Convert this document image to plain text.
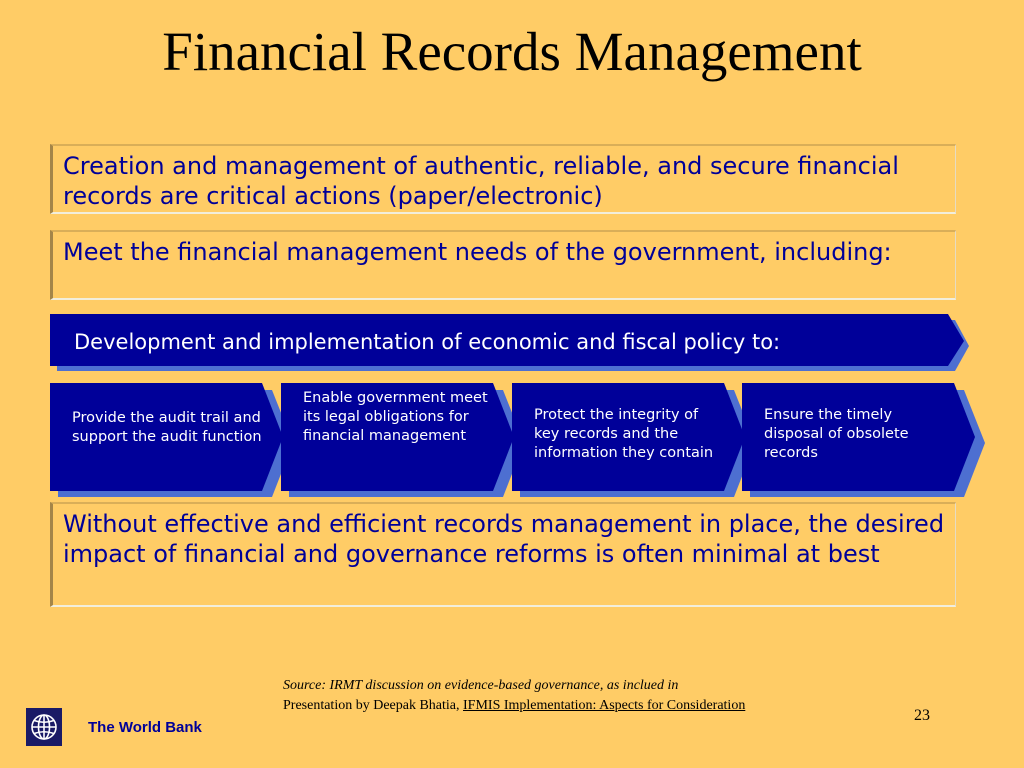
Financial Records Management
Creation and management of authentic, reliable, and secure financial records are critical actions (paper/electronic)
Meet the financial management needs of the government, including:
Development and implementation of economic and fiscal policy to:
Provide the audit trail and support the audit function
Enable government meet its legal obligations for financial management
Protect the integrity of key records and the information they contain
Ensure the timely disposal of obsolete records
Without effective and efficient records management in place, the desired impact of financial and governance reforms is often minimal at best
Source: IRMT discussion on evidence-based governance, as inclued in
Presentation by Deepak Bhatia, IFMIS Implementation: Aspects for Consideration
23
The World Bank
